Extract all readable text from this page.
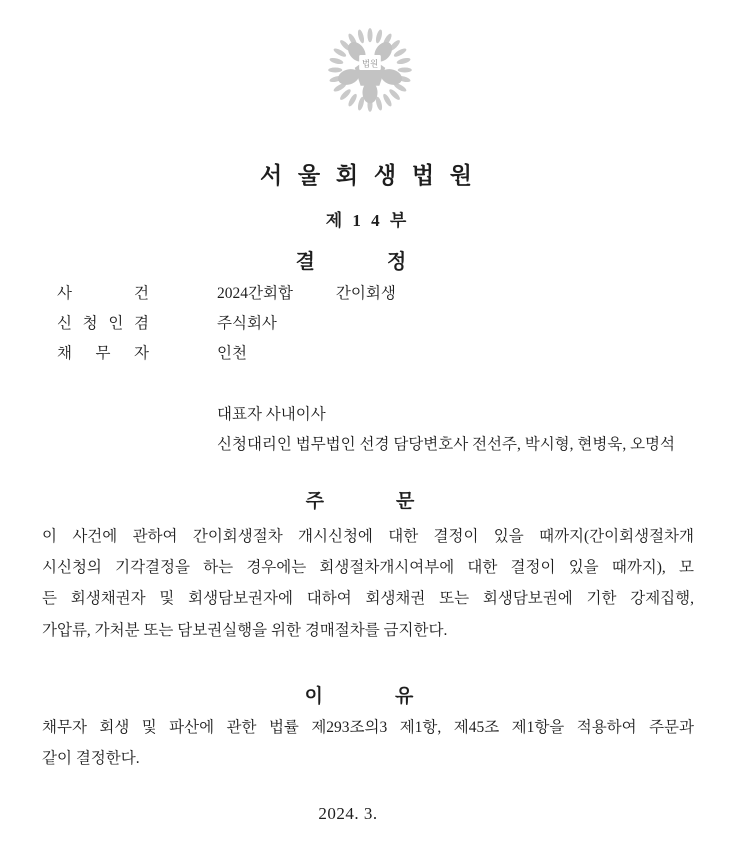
법원
서 울 회 생 법 원
제 1 4 부
결	정
사 건	2024간회합	간이회생
신 청 인 겸	주식회사
채 무 자	인천
대표자 사내이사
신청대리인 법무법인 선경 담당변호사 전선주, 박시형, 현병욱, 오명석
주	문
이 사건에 관하여 간이회생절차 개시신청에 대한 결정이 있을 때까지(간이회생절차개
시신청의 기각결정을 하는 경우에는 회생절차개시여부에 대한 결정이 있을 때까지), 모
든 회생채권자 및 회생담보권자에 대하여 회생채권 또는 회생담보권에 기한 강제집행,
가압류, 가처분 또는 담보권실행을 위한 경매절차를 금지한다.
이	유
채무자 회생 및 파산에 관한 법률 제293조의3 제1항, 제45조 제1항을 적용하여 주문과
같이 결정한다.
2024. 3.
